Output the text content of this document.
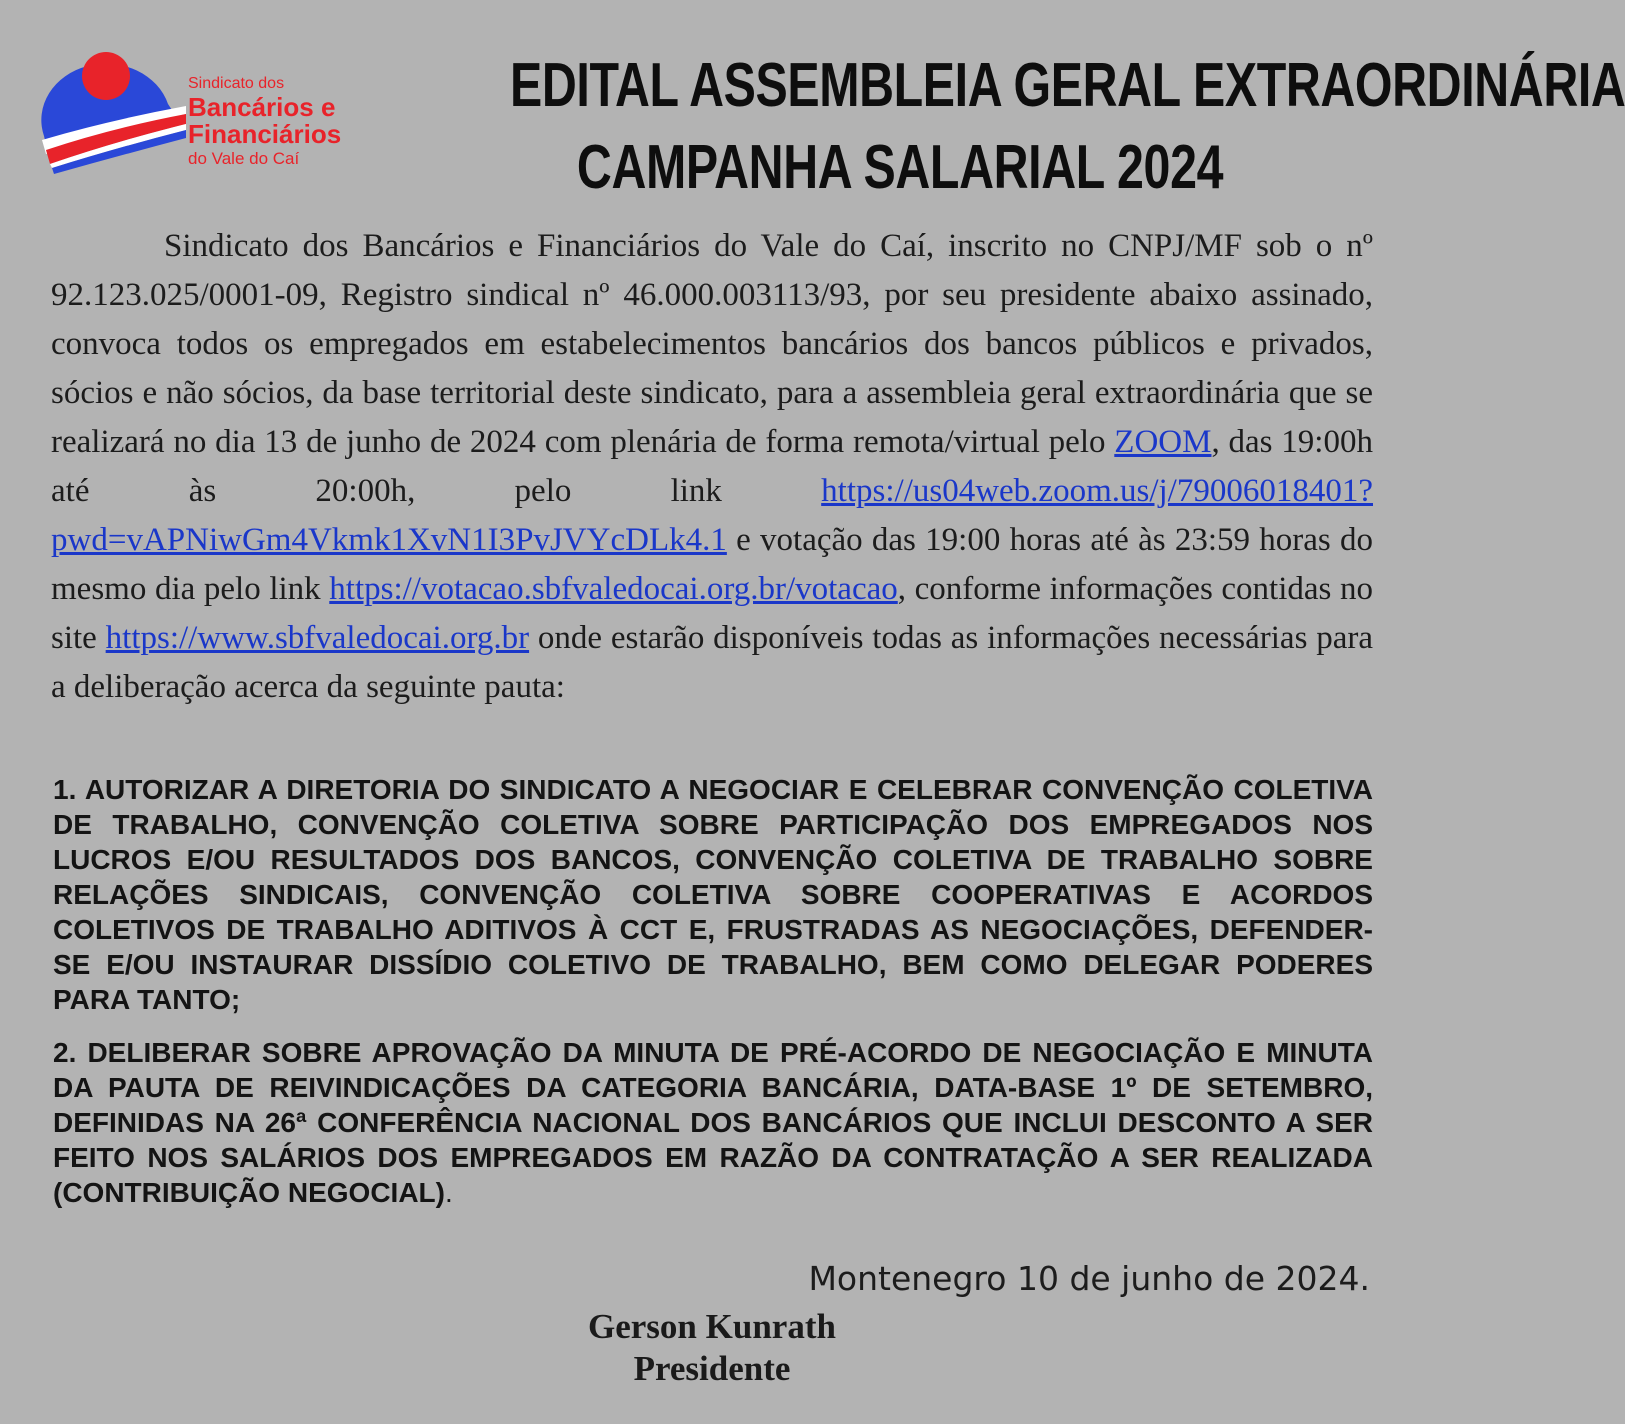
Sindicato dos
Bancários e
Financiários
do Vale do Caí
EDITAL ASSEMBLEIA GERAL EXTRAORDINÁRIA
CAMPANHA SALARIAL 2024
Sindicato dos Bancários e Financiários do Vale do Caí, inscrito no CNPJ/MF sob o nº 92.123.025/0001-09, Registro sindical nº 46.000.003113/93, por seu presidente abaixo assinado, convoca todos os empregados em estabelecimentos bancários dos bancos públicos e privados, sócios e não sócios, da base territorial deste sindicato, para a assembleia geral extraordinária que se realizará no dia 13 de junho de 2024 com plenária de forma remota/virtual pelo ZOOM, das 19:00h até às 20:00h, pelo link https://us04web.zoom.us/j/79006018401?pwd=vAPNiwGm4Vkmk1XvN1I3PvJVYcDLk4.1 e votação das 19:00 horas até às 23:59 horas do mesmo dia pelo link https://votacao.sbfvaledocai.org.br/votacao, conforme informações contidas no site https://www.sbfvaledocai.org.br onde estarão disponíveis todas as informações necessárias para a deliberação acerca da seguinte pauta:

1. AUTORIZAR A DIRETORIA DO SINDICATO A NEGOCIAR E CELEBRAR CONVENÇÃO COLETIVA DE TRABALHO, CONVENÇÃO COLETIVA SOBRE PARTICIPAÇÃO DOS EMPREGADOS NOS LUCROS E/OU RESULTADOS DOS BANCOS, CONVENÇÃO COLETIVA DE TRABALHO SOBRE RELAÇÕES SINDICAIS, CONVENÇÃO COLETIVA SOBRE COOPERATIVAS E ACORDOS COLETIVOS DE TRABALHO ADITIVOS À CCT E, FRUSTRADAS AS NEGOCIAÇÕES, DEFENDER-SE E/OU INSTAURAR DISSÍDIO COLETIVO DE TRABALHO, BEM COMO DELEGAR PODERES PARA TANTO;

2. DELIBERAR SOBRE APROVAÇÃO DA MINUTA DE PRÉ-ACORDO DE NEGOCIAÇÃO E MINUTA DA PAUTA DE REIVINDICAÇÕES DA CATEGORIA BANCÁRIA, DATA-BASE 1º DE SETEMBRO, DEFINIDAS NA 26ª CONFERÊNCIA NACIONAL DOS BANCÁRIOS QUE INCLUI DESCONTO A SER FEITO NOS SALÁRIOS DOS EMPREGADOS EM RAZÃO DA CONTRATAÇÃO A SER REALIZADA (CONTRIBUIÇÃO NEGOCIAL).

Montenegro 10 de junho de 2024.
Gerson Kunrath
Presidente
